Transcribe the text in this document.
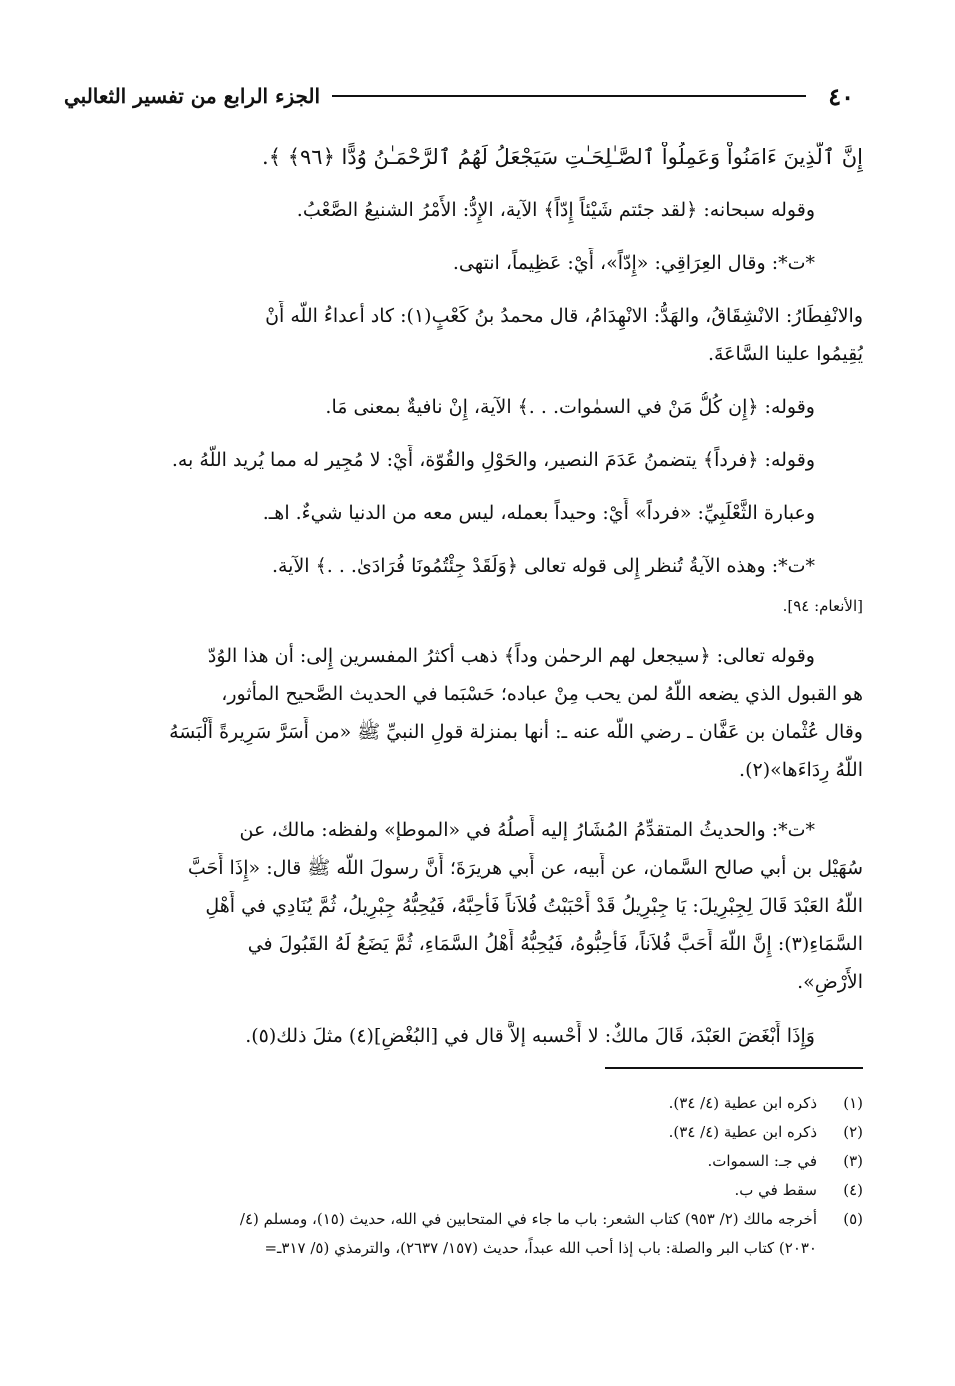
٤٠
الجزء الرابع من تفسير الثعالبي
إِنَّ ٱلَّذِينَ ءَامَنُواْ وَعَمِلُواْ ٱلصَّـٰلِحَـٰتِ سَيَجْعَلُ لَهُمُ ٱلرَّحْمَـٰنُ وُدًّا ﴿٩٦﴾ ﴾.
وقوله سبحانه: ﴿لقد جئتم شَيْئاً إِدّاً﴾ الآية، الإِدُّ: الأَمْرُ الشنيعُ الصَّعْبُ.
*ت*: وقال العِرَاقِي: «إِدّاً»، أَيْ: عَظِيماً، انتهى.
والانْفِطَارُ: الانْشِقَاقُ، والهَدُّ: الانْهِدَامُ، قال محمدُ بنُ كَعْبٍ(١): كاد أعداءُ اللّه أَنْ
يُقِيمُوا علينا السَّاعَةَ.
وقوله: ﴿إِن كُلُّ مَنْ في السمٰوات. . .﴾ الآية، إِنْ نافيةٌ بمعنى مَا.
وقوله: ﴿فرداً﴾ يتضمنُ عَدَمَ النصير، والحَوْلِ والقُوّة، أَيْ: لا مُجِير له مما يُريد اللّهُ به.
وعبارة الثَّعْلَبِيِّ: «فرداً» أَيْ: وحيداً بعمله، ليس معه من الدنيا شيءٌ. اهـ.
*ت*: وهذه الآيةُ تُنظر إِلى قوله تعالى ﴿وَلَقَدْ جِئْتُمُونَا فُرَادَىٰ. . .﴾ الآية.
[الأنعام: ٩٤].
وقوله تعالى: ﴿سيجعل لهم الرحمٰن وداً﴾ ذهب أكثرُ المفسرين إِلى: أن هذا الوُدّ
هو القبول الذي يضعه اللّهُ لمن يحب مِنْ عباده؛ حَسْبَما في الحديث الصَّحيح المأثور،
وقال عُثْمان بن عَفَّان ـ رضي اللّه عنه ـ: أنها بمنزلة قولِ النبيِّ ﷺ «من أَسَرَّ سَرِيرةً أَلْبَسَهُ
اللّهُ رِدَاءَها»(٢).
*ت*: والحديثُ المتقدِّمُ المُشَارُ إليه أَصلُهُ في «الموطإ» ولفظه: مالك، عن
سُهَيْل بن أبي صالح السَّمان، عن أَبيه، عن أَبي هريرَةَ؛ أَنَّ رسولَ اللّه ﷺ قال: «إِذَا أَحَبَّ
اللّهُ العَبْدَ قَالَ لِجِبْرِيلَ: يَا جِبْرِيلُ قَدْ أَحْبَبْتُ فُلاَناً فَأَحِبَّهُ، فَيُحِبُّهُ جِبْرِيلُ، ثُمَّ يُنَادِي في أَهْلِ
السَّمَاءِ(٣): إِنَّ اللّهَ أَحَبَّ فُلاَناً، فَأَحِبُّوهُ، فَيُحِبُّهُ أَهْلُ السَّمَاءِ، ثُمَّ يَضَعُ لَهُ القَبُولَ في
الأَرْضِ».
وَإِذَا أَبْغَضَ العَبْدَ، قَالَ مالكٌ: لا أَحْسبه إلاَّ قال في [البُغْضِ](٤) مثلَ ذلك(٥).
(١)ذكره ابن عطية (٤/ ٣٤).
(٢)ذكره ابن عطية (٤/ ٣٤).
(٣)في جـ: السموات.
(٤)سقط في ب.
(٥)أخرجه مالك (٢/ ٩٥٣) كتاب الشعر: باب ما جاء في المتحابين في الله، حديث (١٥)، ومسلم (٤/
٢٠٣٠) كتاب البر والصلة: باب إذا أحب الله عبداً، حديث (١٥٧/ ٢٦٣٧)، والترمذي (٥/ ٣١٧ـ=
